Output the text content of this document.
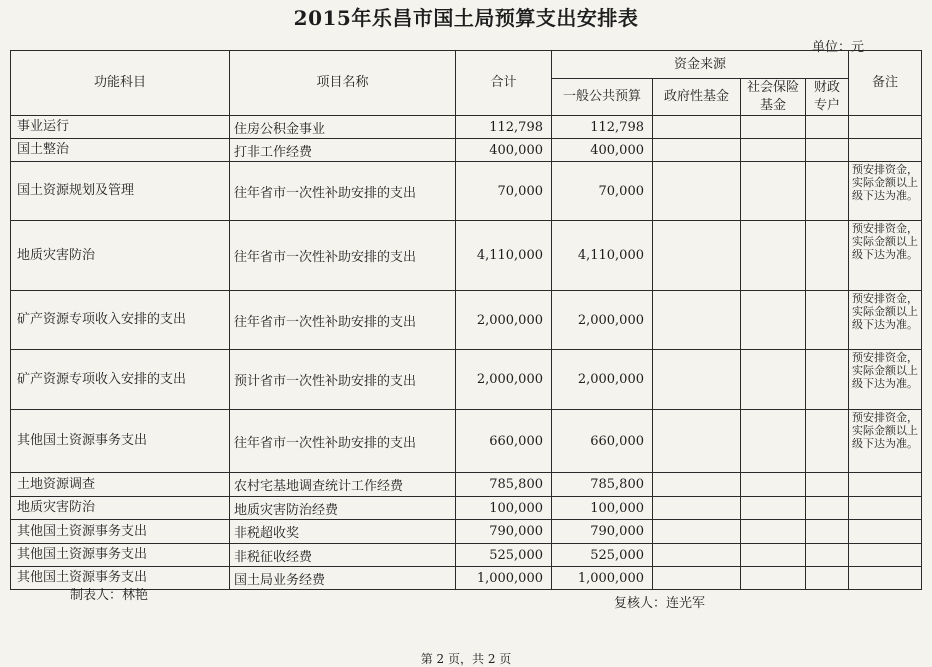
2015年乐昌市国土局预算支出安排表
单位：元
功能科目	项目名称	合计	资金来源				备注
			一般公共预算	政府性基金	社会保险基金	财政专户	
事业运行	住房公积金事业	112,798	112,798				
国土整治	打非工作经费	400,000	400,000				
国土资源规划及管理	往年省市一次性补助安排的支出	70,000	70,000				预安排资金，实际金额以上级下达为准。
地质灾害防治	往年省市一次性补助安排的支出	4,110,000	4,110,000				预安排资金，实际金额以上级下达为准。
矿产资源专项收入安排的支出	往年省市一次性补助安排的支出	2,000,000	2,000,000				预安排资金，实际金额以上级下达为准。
矿产资源专项收入安排的支出	预计省市一次性补助安排的支出	2,000,000	2,000,000				预安排资金，实际金额以上级下达为准。
其他国土资源事务支出	往年省市一次性补助安排的支出	660,000	660,000				预安排资金，实际金额以上级下达为准。
土地资源调查	农村宅基地调查统计工作经费	785,800	785,800				
地质灾害防治	地质灾害防治经费	100,000	100,000				
其他国土资源事务支出	非税超收奖	790,000	790,000				
其他国土资源事务支出	非税征收经费	525,000	525,000				
其他国土资源事务支出	国土局业务经费	1,000,000	1,000,000				
制表人：林艳
复核人：连光军
第 2 页，共 2 页
